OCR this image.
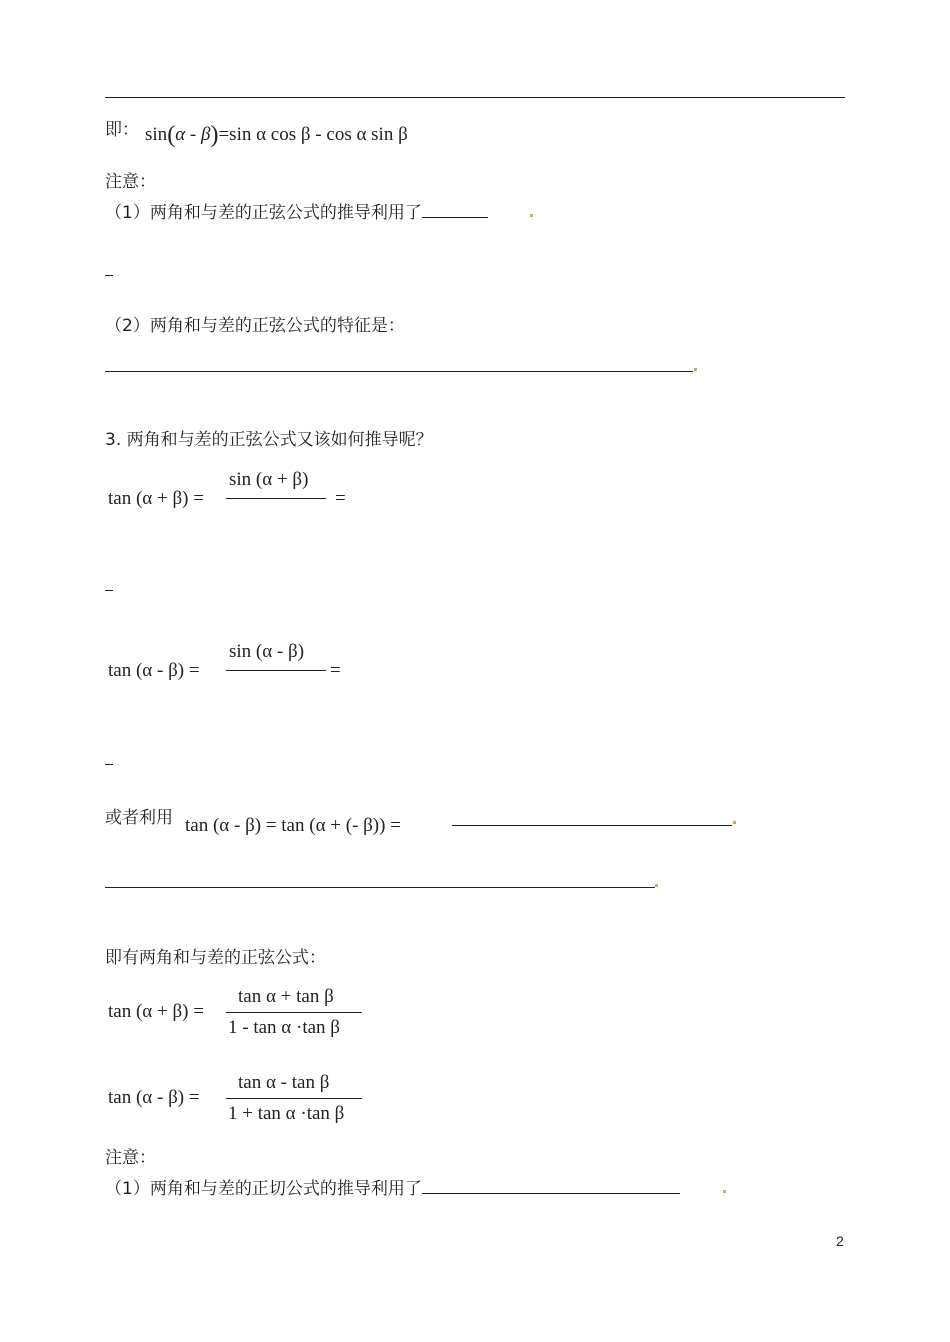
即： sin(α - β)=sin α cos β - cos α sin β
注意：
（1）两角和与差的正弦公式的推导利用了
（2）两角和与差的正弦公式的特征是：
3. 两角和与差的正弦公式又该如何推导呢？
tan (α + β) =
sin (α + β)
=
tan (α - β) =
sin (α - β)
=
或者利用 tan (α - β) = tan (α + (- β)) =
即有两角和与差的正弦公式：
tan (α + β) =
tan α + tan β
1 - tan α ·tan β
tan (α - β) =
tan α - tan β
1 + tan α ·tan β
注意：
（1）两角和与差的正切公式的推导利用了
2
